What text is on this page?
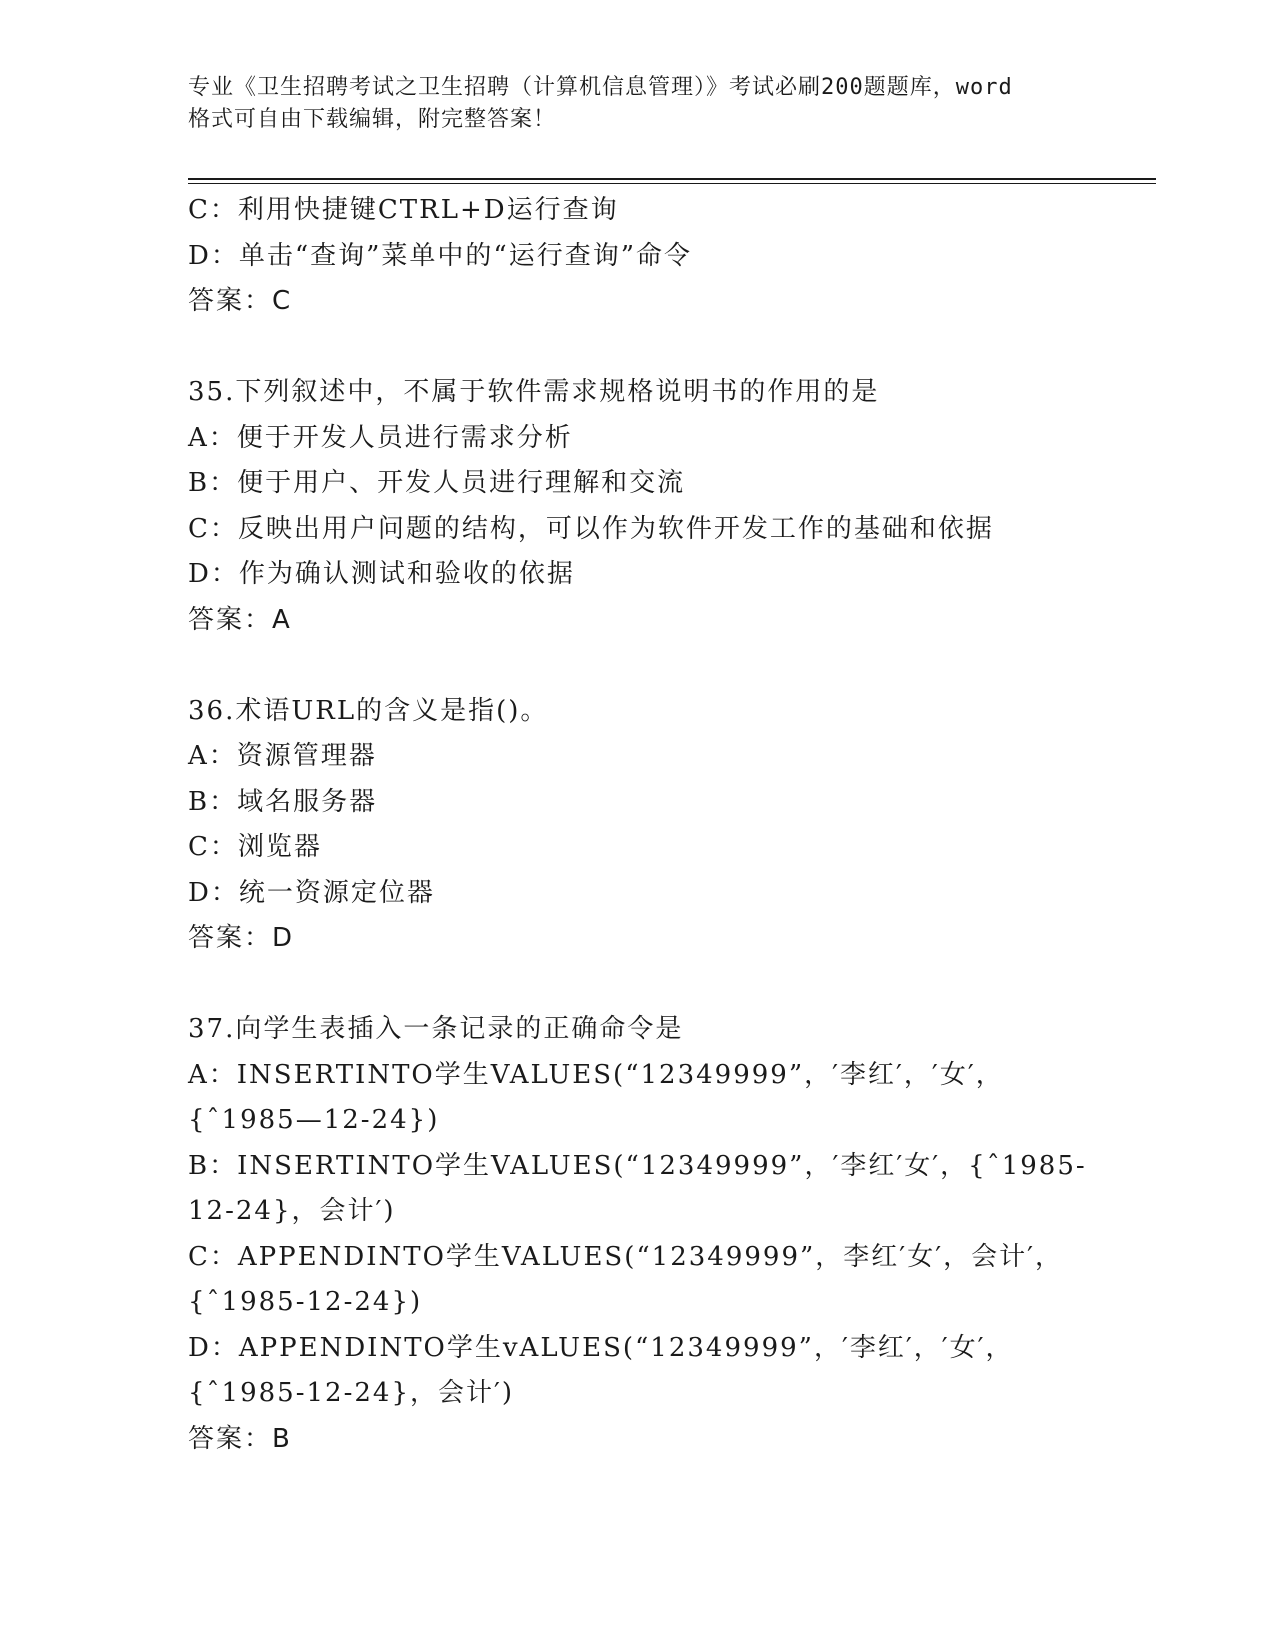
专业《卫生招聘考试之卫生招聘（计算机信息管理）》考试必刷200题题库，word
格式可自由下载编辑，附完整答案！
C：利用快捷键CTRL+D运行查询
D：单击“查询”菜单中的“运行查询”命令
答案：C
35.下列叙述中，不属于软件需求规格说明书的作用的是
A：便于开发人员进行需求分析
B：便于用户、开发人员进行理解和交流
C：反映出用户问题的结构，可以作为软件开发工作的基础和依据
D：作为确认测试和验收的依据
答案：A
36.术语URL的含义是指()。
A：资源管理器
B：域名服务器
C：浏览器
D：统一资源定位器
答案：D
37.向学生表插入一条记录的正确命令是
A：INSERTINTO学生VALUES(“12349999”，′李红′，′女′，
{ˆ1985—12-24})
B：INSERTINTO学生VALUES(“12349999”，′李红′女′，{ˆ1985-
12-24}，会计′)
C：APPENDINTO学生VALUES(“12349999”，李红′女′，会计′，
{ˆ1985-12-24})
D：APPENDINTO学生vALUES(“12349999”，′李红′，′女′，
{ˆ1985-12-24}，会计′)
答案：B
